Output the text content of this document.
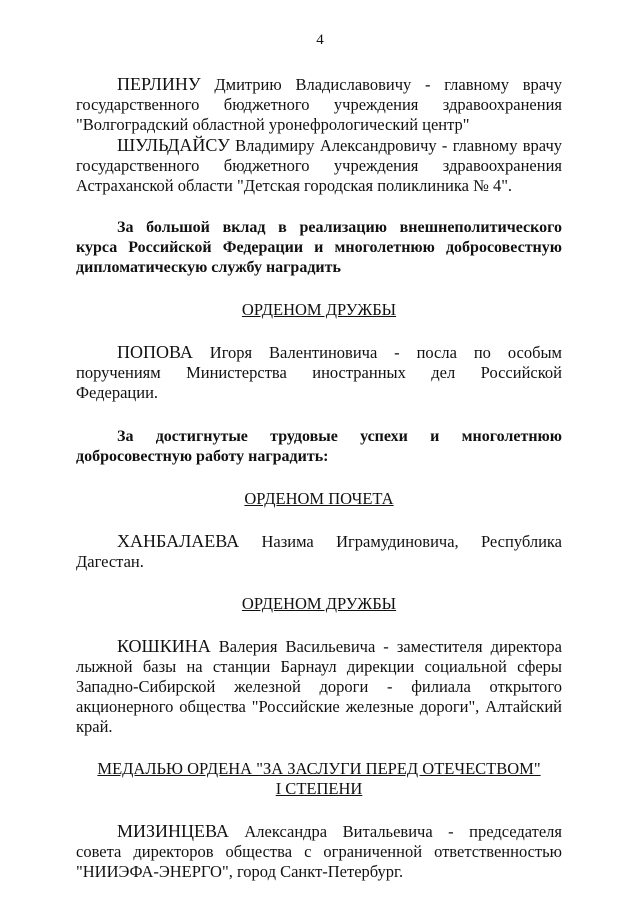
4

ПЕРЛИНУ Дмитрию Владиславовичу - главному врачу государственного бюджетного учреждения здравоохранения "Волгоградский областной уронефрологический центр"

ШУЛЬДАЙСУ Владимиру Александровичу - главному врачу государственного бюджетного учреждения здравоохранения Астраханской области "Детская городская поликлиника № 4".

За большой вклад в реализацию внешнеполитического курса Российской Федерации и многолетнюю добросовестную дипломатическую службу наградить

ОРДЕНОМ ДРУЖБЫ

ПОПОВА Игоря Валентиновича - посла по особым поручениям Министерства иностранных дел Российской Федерации.

За достигнутые трудовые успехи и многолетнюю добросовестную работу наградить:

ОРДЕНОМ ПОЧЕТА

ХАНБАЛАЕВА Назима Играмудиновича, Республика Дагестан.

ОРДЕНОМ ДРУЖБЫ

КОШКИНА Валерия Васильевича - заместителя директора лыжной базы на станции Барнаул дирекции социальной сферы Западно-Сибирской железной дороги - филиала открытого акционерного общества "Российские железные дороги", Алтайский край.

МЕДАЛЬЮ ОРДЕНА "ЗА ЗАСЛУГИ ПЕРЕД ОТЕЧЕСТВОМ"

I СТЕПЕНИ

МИЗИНЦЕВА Александра Витальевича - председателя совета директоров общества с ограниченной ответственностью "НИИЭФА-ЭНЕРГО", город Санкт-Петербург.
